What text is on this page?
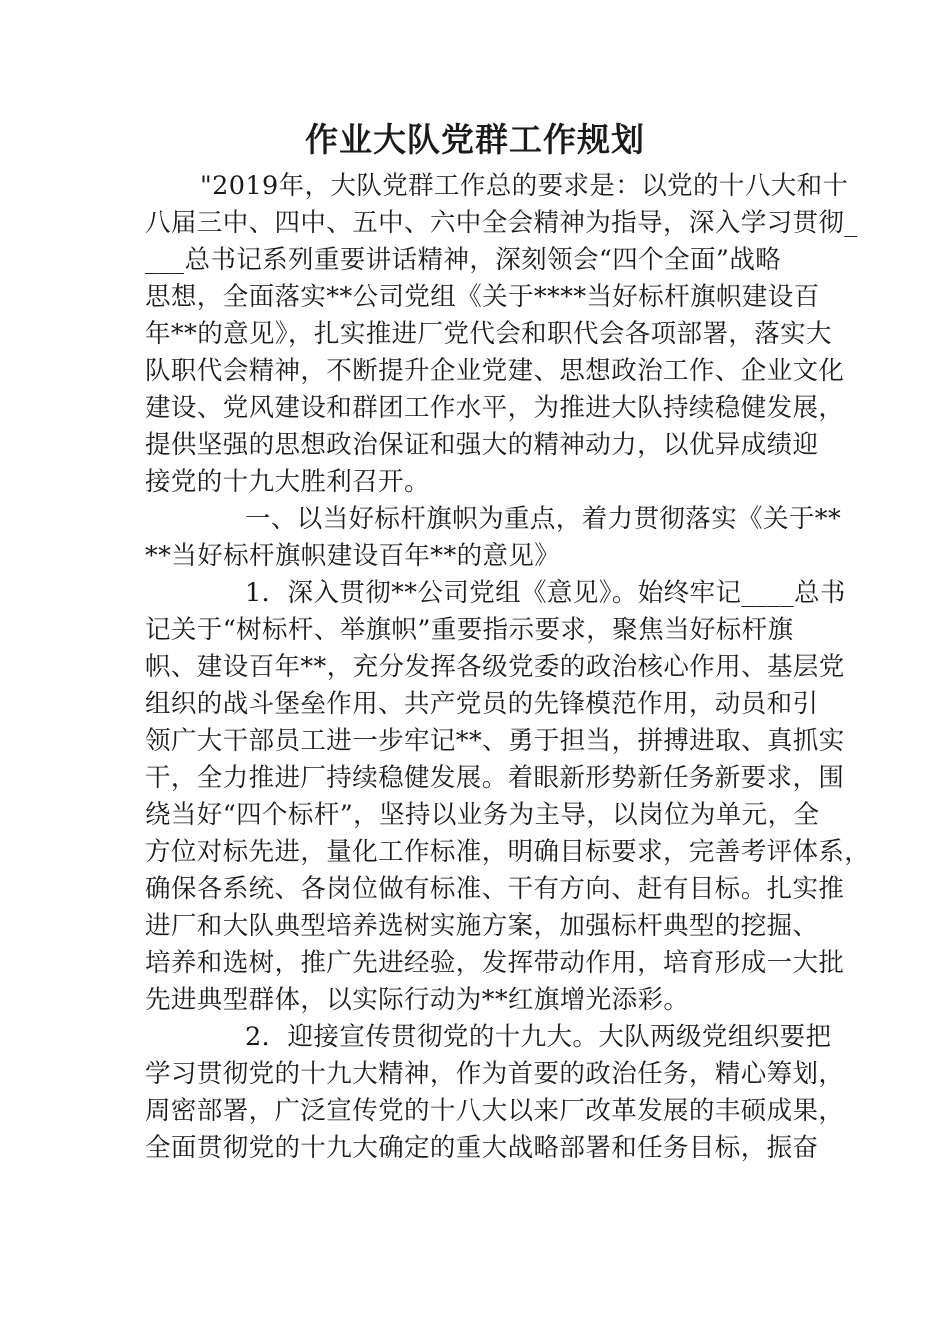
作业大队党群工作规划
"2019年，大队党群工作总的要求是：以党的十八大和十
八届三中、四中、五中、六中全会精神为指导，深入学习贯彻_
___总书记系列重要讲话精神，深刻领会“四个全面”战略
思想，全面落实**公司党组《关于****当好标杆旗帜建设百
年**的意见》，扎实推进厂党代会和职代会各项部署，落实大
队职代会精神，不断提升企业党建、思想政治工作、企业文化
建设、党风建设和群团工作水平，为推进大队持续稳健发展，
提供坚强的思想政治保证和强大的精神动力，以优异成绩迎
接党的十九大胜利召开。
一、以当好标杆旗帜为重点，着力贯彻落实《关于**
**当好标杆旗帜建设百年**的意见》
1．深入贯彻**公司党组《意见》。始终牢记____总书
记关于“树标杆、举旗帜”重要指示要求，聚焦当好标杆旗
帜、建设百年**，充分发挥各级党委的政治核心作用、基层党
组织的战斗堡垒作用、共产党员的先锋模范作用，动员和引
领广大干部员工进一步牢记**、勇于担当，拼搏进取、真抓实
干，全力推进厂持续稳健发展。着眼新形势新任务新要求，围
绕当好“四个标杆”，坚持以业务为主导，以岗位为单元，全
方位对标先进，量化工作标准，明确目标要求，完善考评体系，
确保各系统、各岗位做有标准、干有方向、赶有目标。扎实推
进厂和大队典型培养选树实施方案，加强标杆典型的挖掘、
培养和选树，推广先进经验，发挥带动作用，培育形成一大批
先进典型群体，以实际行动为**红旗增光添彩。
2．迎接宣传贯彻党的十九大。大队两级党组织要把
学习贯彻党的十九大精神，作为首要的政治任务，精心筹划，
周密部署，广泛宣传党的十八大以来厂改革发展的丰硕成果，
全面贯彻党的十九大确定的重大战略部署和任务目标，振奋
